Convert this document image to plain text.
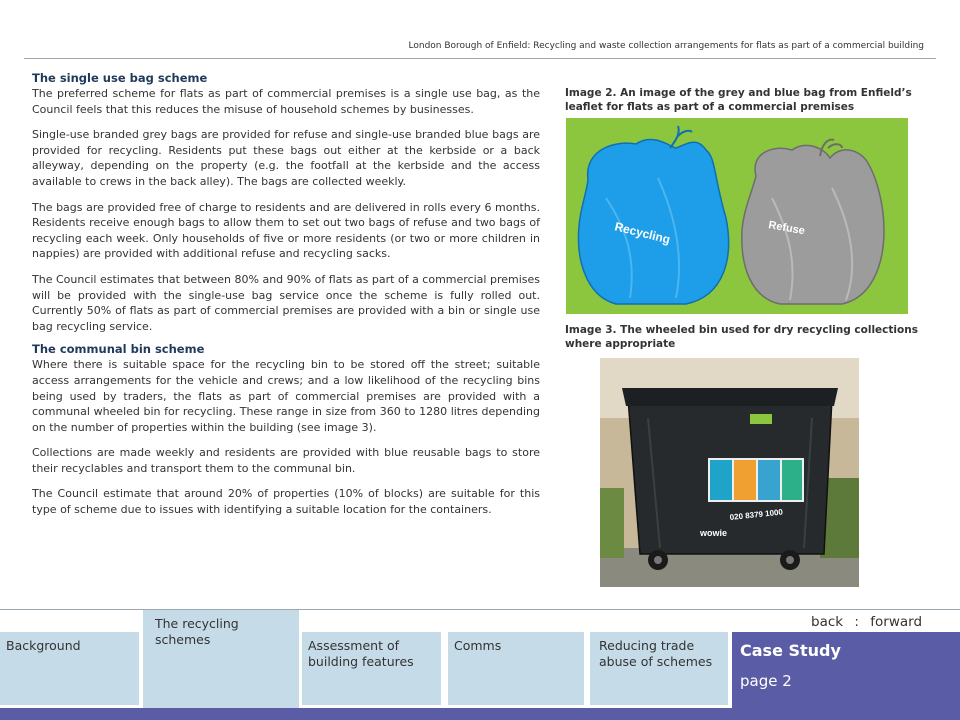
London Borough of Enfield: Recycling and waste collection arrangements for flats as part of a commercial building
The single use bag scheme

The preferred scheme for flats as part of commercial premises is a single use bag, as the Council feels that this reduces the misuse of household schemes by businesses.

Single-use branded grey bags are provided for refuse and single-use branded blue bags are provided for recycling. Residents put these bags out either at the kerbside or a back alleyway, depending on the property (e.g. the footfall at the kerbside and the access available to crews in the back alley). The bags are collected weekly.

The bags are provided free of charge to residents and are delivered in rolls every 6 months. Residents receive enough bags to allow them to set out two bags of refuse and two bags of recycling each week. Only households of five or more residents (or two or more children in nappies) are provided with additional refuse and recycling sacks.

The Council estimates that between 80% and 90% of flats as part of a commercial premises will be provided with the single-use bag service once the scheme is fully rolled out. Currently 50% of flats as part of commercial premises are provided with a bin or single use bag recycling service.

The communal bin scheme

Where there is suitable space for the recycling bin to be stored off the street; suitable access arrangements for the vehicle and crews; and a low likelihood of the recycling bins being used by traders, the flats as part of commercial premises are provided with a communal wheeled bin for recycling. These range in size from 360 to 1280 litres depending on the number of properties within the building (see image 3).

Collections are made weekly and residents are provided with blue reusable bags to store their recyclables and transport them to the communal bin.

The Council estimate that around 20% of properties (10% of blocks) are suitable for this type of scheme due to issues with identifying a suitable location for the containers.

Image 2. An image of the grey and blue bag from Enfield’s leaflet for flats as part of a commercial premises
Recycling	Refuse
Image 3. The wheeled bin used for dry recycling collections where appropriate
020 8379 1000
wowie
back : forward
Background
The recycling schemes	Assessment of building features
Comms	Reducing trade abuse of schemes
Case Study
page 2
